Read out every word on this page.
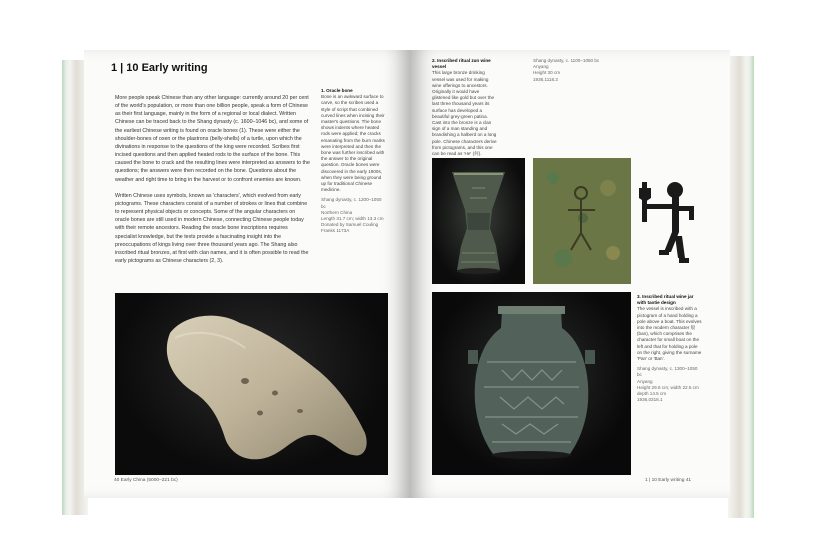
1 | 10 Early writing

More people speak Chinese than any other language: currently around 20 per cent of the world's population, or more than one billion people, speak a form of Chinese as their first language, mainly in the form of a regional or local dialect. Written Chinese can be traced back to the Shang dynasty (c. 1600–1046 bc), and some of the earliest Chinese writing is found on oracle bones (1). These were either the shoulder-bones of oxen or the plastrons (belly-shells) of a turtle, upon which the divinations in response to the questions of the king were recorded. Scribes first incised questions and then applied heated rods to the surface of the bone. This caused the bone to crack and the resulting lines were interpreted as answers to the questions; the answers were then recorded on the bone. Questions about the weather and right time to bring in the harvest or to confront enemies are known.

Written Chinese uses symbols, known as 'characters', which evolved from early pictograms. These characters consist of a number of strokes or lines that combine to represent physical objects or concepts. Some of the angular characters on oracle bones are still used in modern Chinese, connecting Chinese people today with their remote ancestors. Reading the oracle bone inscriptions requires specialist knowledge, but the texts provide a fascinating insight into the preoccupations of kings living over three thousand years ago. The Shang also inscribed ritual bronzes, at first with clan names, and it is often possible to read the early pictograms as Chinese characters (2, 3).

1. Oracle bone
Bone is an awkward surface to carve, so the scribes used a style of script that combined curved lines when incising their master's questions. The bone shows indents where heated rods were applied; the cracks emanating from the burn marks were interpreted and then the bone was further inscribed with the answer to the original question. Oracle bones were discovered in the early 1900s, when they were being ground up for traditional Chinese medicine.
Shang dynasty, c. 1200–1050 bc
Northern China
Length 31.7 cm; width 13.3 cm
Donated by Samuel Couling
Franks 1173A
40 Early China (5000–221 bc)
2. Inscribed ritual zun wine vessel
This large bronze drinking vessel was used for making wine offerings to ancestors. Originally it would have glistened like gold but over the last three thousand years its surface has developed a beautiful grey-green patina. Cast into the bronze is a clan sign of a man standing and brandishing a halberd on a long pole. Chinese characters derive from pictograms, and this one can be read as 'He' (何).
Shang dynasty, c. 1100–1050 bc
Anyang
Height 30 cm
1936,1118.3
3. Inscribed ritual wine jar with taotie design
The vessel is inscribed with a pictogram of a hand holding a pole above a boat. This evolves into the modern character 般 (ban), which comprises the character for small boat on the left and that for holding a pole on the right, giving the surname 'Pan' or 'Ban'.
Shang dynasty, c. 1300–1050 bc
Anyang
Height 29.6 cm; width 22.5 cm
depth 14.5 cm
1936,0318.1
1 | 10 Early writing 41
